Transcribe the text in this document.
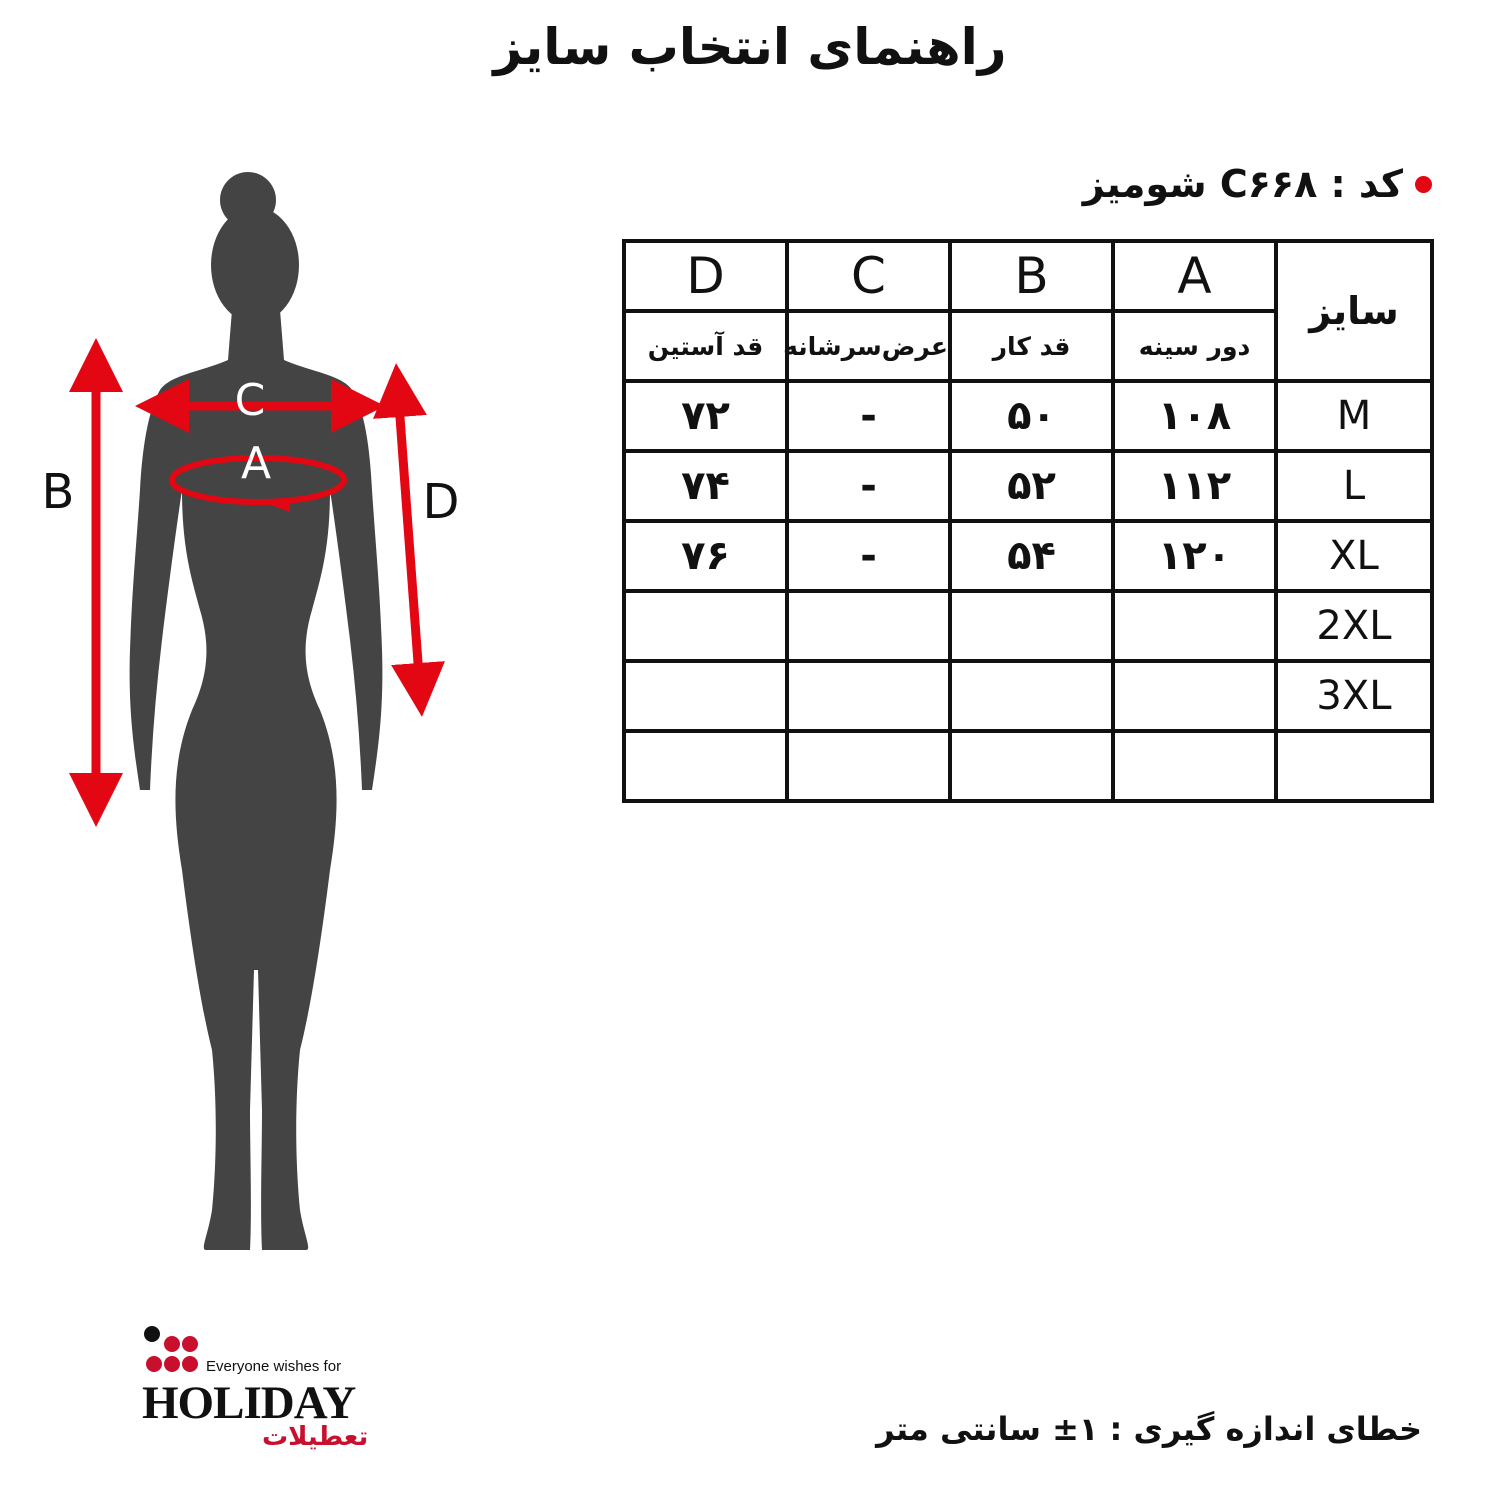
راهنمای انتخاب سایز
کد : C۶۶۸ شومیز
سایز	A	B	C	D
	دور سینه	قد کار	عرض‌سرشانه	قد آستین
M	۱۰۸	۵۰	-	۷۲
L	۱۱۲	۵۲	-	۷۴
XL	۱۲۰	۵۴	-	۷۶
2XL				
3XL				

C
A
B	D
Everyone wishes for
HOLIDAY
تعطیلات	خطای اندازه گیری : ۱± سانتی متر
